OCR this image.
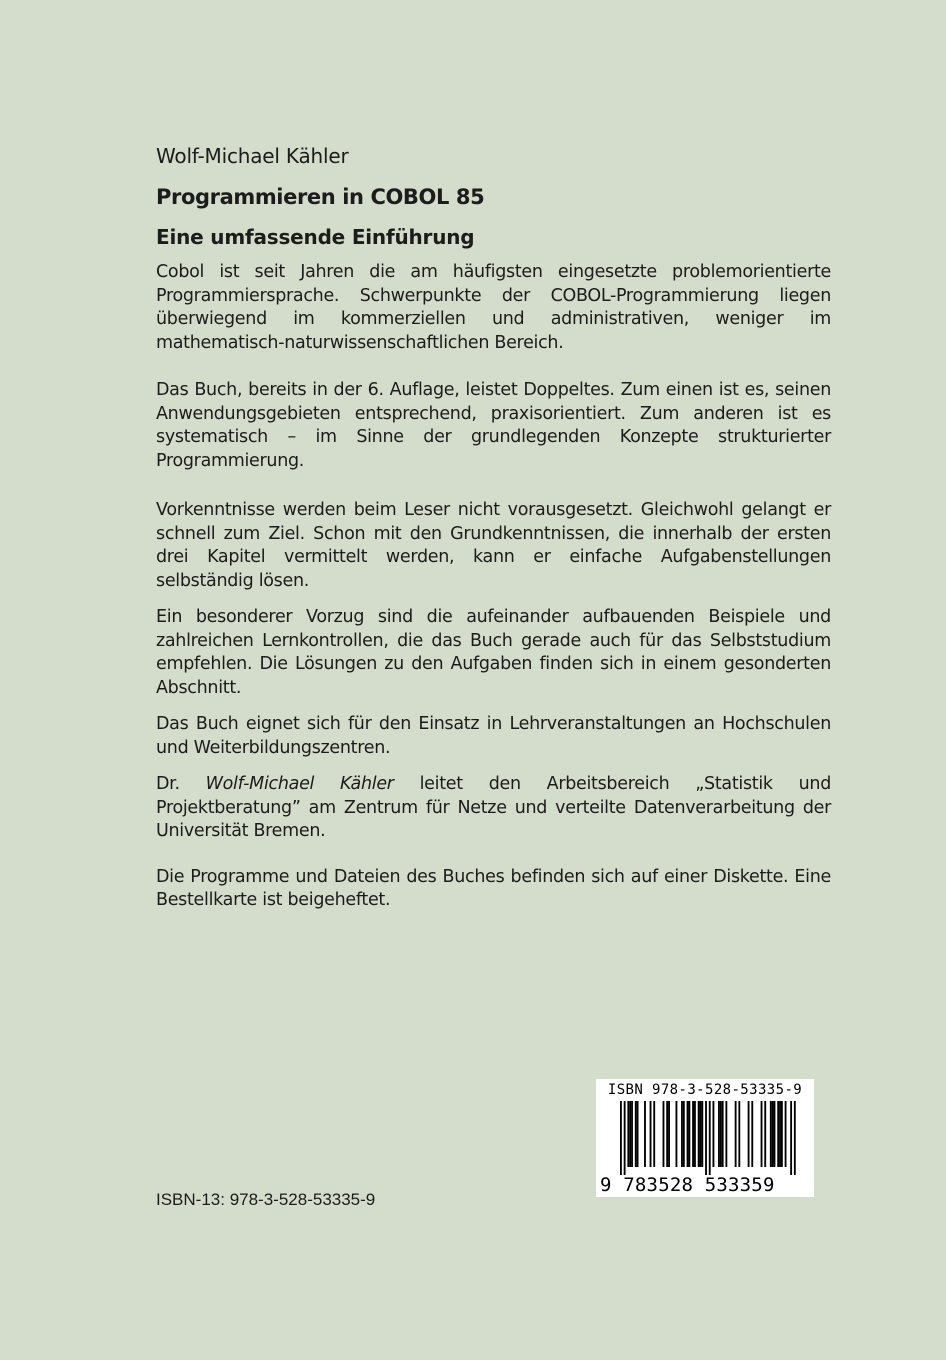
Wolf-Michael Kähler
Programmieren in COBOL 85
Eine umfassende Einführung

Cobol ist seit Jahren die am häufigsten eingesetzte problemorientierte Programmiersprache. Schwerpunkte der COBOL-Programmierung liegen überwiegend im kommerziellen und administrativen, weniger im mathematisch-naturwissenschaftlichen Bereich.

Das Buch, bereits in der 6. Auflage, leistet Doppeltes. Zum einen ist es, seinen Anwendungsgebieten entsprechend, praxisorientiert. Zum anderen ist es systematisch – im Sinne der grundlegenden Konzepte strukturierter Programmierung.

Vorkenntnisse werden beim Leser nicht vorausgesetzt. Gleichwohl gelangt er schnell zum Ziel. Schon mit den Grundkenntnissen, die innerhalb der ersten drei Kapitel vermittelt werden, kann er einfache Aufgabenstellungen selbständig lösen.

Ein besonderer Vorzug sind die aufeinander aufbauenden Beispiele und zahlreichen Lernkontrollen, die das Buch gerade auch für das Selbststudium empfehlen. Die Lösungen zu den Aufgaben finden sich in einem gesonderten Abschnitt.

Das Buch eignet sich für den Einsatz in Lehrveranstaltungen an Hochschulen und Weiterbildungszentren.

Dr. Wolf-Michael Kähler leitet den Arbeitsbereich „Statistik und Projektberatung” am Zentrum für Netze und verteilte Datenverarbeitung der Universität Bremen.

Die Programme und Dateien des Buches befinden sich auf einer Diskette. Eine Bestellkarte ist beigeheftet.

ISBN-13: 978-3-528-53335-9
ISBN 978-3-528-53335-9
9 783528 533359
